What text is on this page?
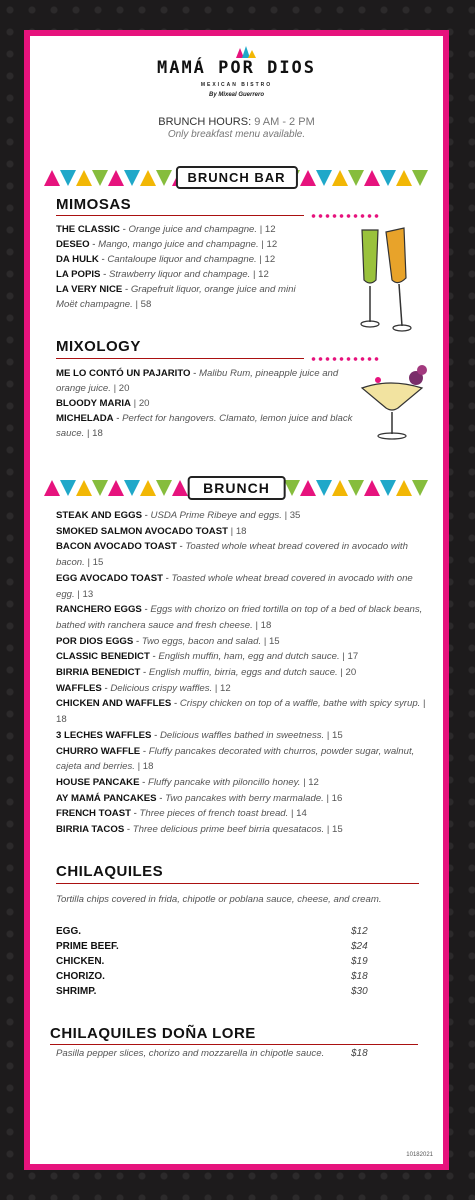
MAMÁ POR DIOS
MEXICAN BISTRO
By Mixeal Guerrero
BRUNCH HOURS: 9 AM - 2 PM
Only breakfast menu available.
BRUNCH BAR
MIMOSAS
THE CLASSIC - Orange juice and champagne. | 12
DESEO - Mango, mango juice and champagne. | 12
DA HULK - Cantaloupe liquor and champagne. | 12
LA POPIS - Strawberry liquor and champage. | 12
LA VERY NICE - Grapefruit liquor, orange juice and mini Moët champagne. | 58
MIXOLOGY
ME LO CONTÓ UN PAJARITO - Malibu Rum, pineapple juice and orange juice. | 20
BLOODY MARIA | 20
MICHELADA - Perfect for hangovers. Clamato, lemon juice and black sauce. | 18
BRUNCH
STEAK AND EGGS - USDA Prime Ribeye and eggs. | 35
SMOKED SALMON AVOCADO TOAST | 18
BACON AVOCADO TOAST - Toasted whole wheat bread covered in avocado with bacon. | 15
EGG AVOCADO TOAST - Toasted whole wheat bread covered in avocado with one egg. | 13
RANCHERO EGGS - Eggs with chorizo on fried tortilla on top of a bed of black beans, bathed with ranchera sauce and fresh cheese. | 18
POR DIOS EGGS - Two eggs, bacon and salad. | 15
CLASSIC BENEDICT - English muffin, ham, egg and dutch sauce. | 17
BIRRIA BENEDICT - English muffin, birria, eggs and dutch sauce. | 20
WAFFLES - Delicious crispy waffles. | 12
CHICKEN AND WAFFLES - Crispy chicken on top of a waffle, bathe with spicy syrup. | 18
3 LECHES WAFFLES - Delicious waffles bathed in sweetness. | 15
CHURRO WAFFLE - Fluffy pancakes decorated with churros, powder sugar, walnut, cajeta and berries. | 18
HOUSE PANCAKE - Fluffy pancake with piloncillo honey. | 12
AY MAMÁ PANCAKES - Two pancakes with berry marmalade. | 16
FRENCH TOAST - Three pieces of french toast bread. | 14
BIRRIA TACOS - Three delicious prime beef birria quesatacos. | 15
CHILAQUILES
Tortilla chips covered in frida, chipotle or poblana sauce, cheese, and cream.
EGG.	$12
PRIME BEEF.	$24
CHICKEN.	$19
CHORIZO.	$18
SHRIMP.	$30
CHILAQUILES DOÑA LORE
Pasilla pepper slices, chorizo and mozzarella in chipotle sauce.	$18
10182021
